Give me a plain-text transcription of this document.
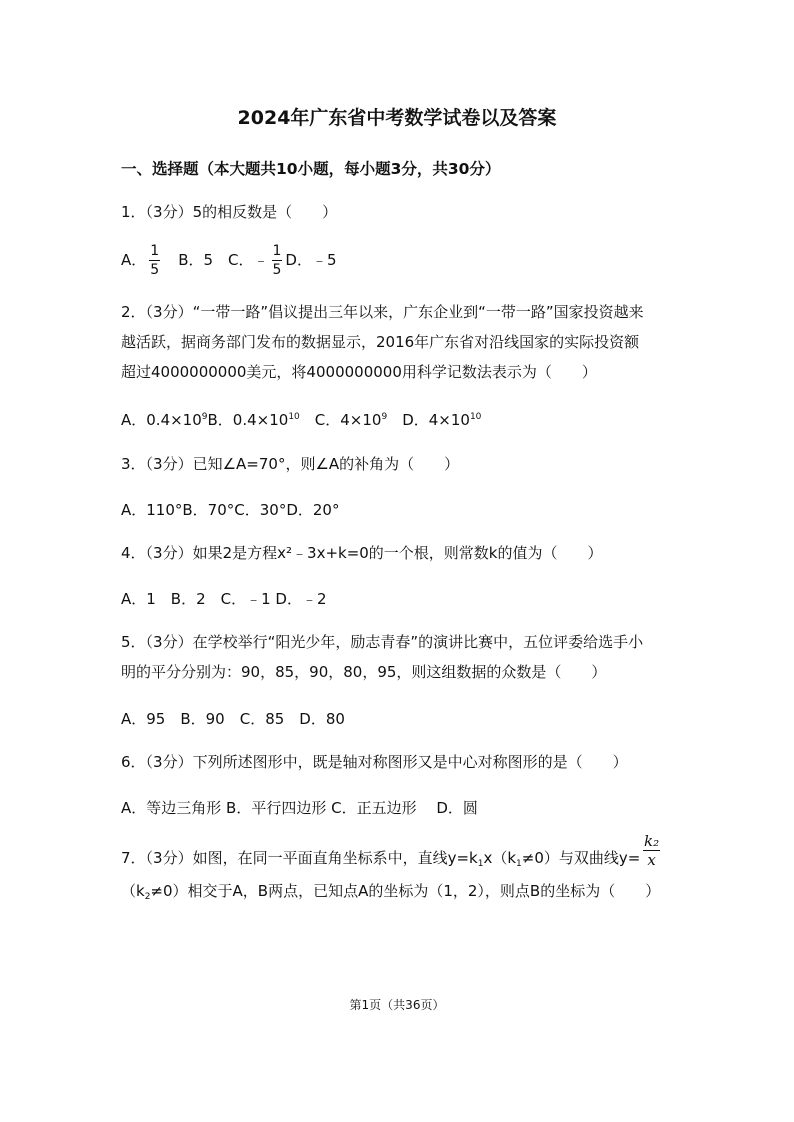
2024年广东省中考数学试卷以及答案

一、选择题（本大题共10小题，每小题3分，共30分）

1．（3分）5的相反数是（　　）

A． $\frac{1}{5}$ 　B．5　C．﹣ $\frac{1}{5}$ D．﹣5

2．（3分）“一带一路”倡议提出三年以来，广东企业到“一带一路”国家投资越来

越活跃，据商务部门发布的数据显示，2016年广东省对沿线国家的实际投资额

超过4000000000美元，将4000000000用科学记数法表示为（　　）

A．$0.4\times 10^9B$．$0.4\times 10^{10}$　C．$4\times 10^9$　D．$4\times 10^{10}$

3．（3分）已知∠A=70°，则∠A的补角为（　　）

A．110°B．70°C．30°D．20°

4．（3分）如果2是方程x²﹣3x+k=0的一个根，则常数k的值为（　　）

A．1　B．2　C．﹣1 D．﹣2

5．（3分）在学校举行“阳光少年，励志青春”的演讲比赛中，五位评委给选手小

明的平分分别为：90，85，90，80，95，则这组数据的众数是（　　）

A．95　B．90　C．85　D．80

6．（3分）下列所述图形中，既是轴对称图形又是中心对称图形的是（　　）

A．等边三角形 B．平行四边形 C．正五边形　 D．圆

7．（3分）如图，在同一平面直角坐标系中，直线$y=k_1x(k_1\ne 0)$与双曲线$y= \frac{\text{k₂}}{x}$

$(k_2\ne 0)$相交于A，B两点，已知点A的坐标为（1，2），则点B的坐标为（　　）

第1页（共36页）
